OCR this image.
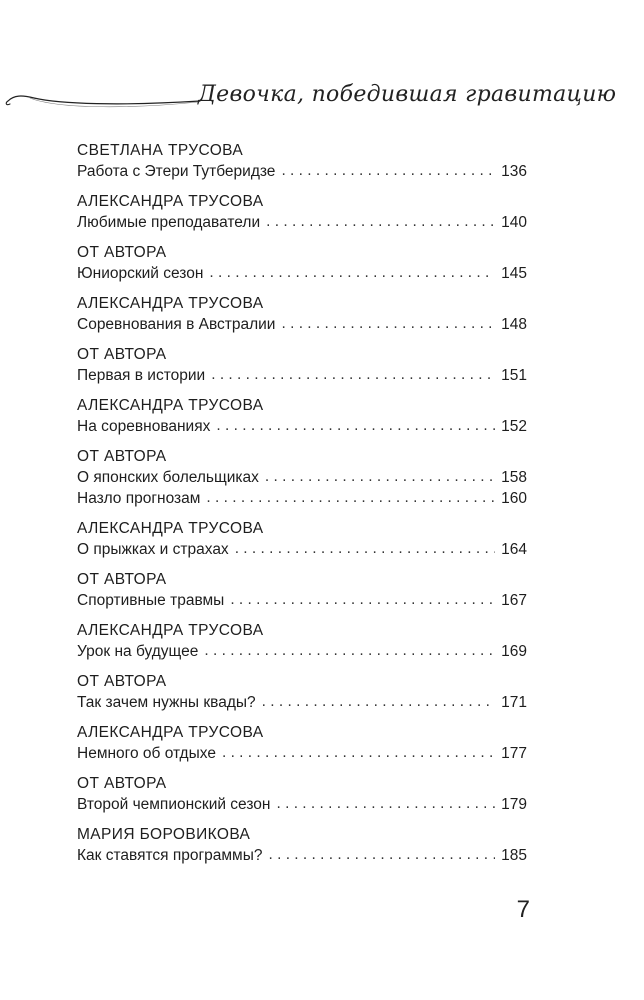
Девочка, победившая гравитацию
СВЕТЛАНА ТРУСОВА
Работа с Этери Тутберидзе . . .	136
АЛЕКСАНДРА ТРУСОВА
Любимые преподаватели . . .	140
ОТ АВТОРА
Юниорский сезон . . .	145
АЛЕКСАНДРА ТРУСОВА
Соревнования в Австралии . . .	148
ОТ АВТОРА
Первая в истории . . .	151
АЛЕКСАНДРА ТРУСОВА
На соревнованиях . . .	152
ОТ АВТОРА
О японских болельщиках . . .	158
Назло прогнозам . . .	160
АЛЕКСАНДРА ТРУСОВА
О прыжках и страхах . . .	164
ОТ АВТОРА
Спортивные травмы . . .	167
АЛЕКСАНДРА ТРУСОВА
Урок на будущее . . .	169
ОТ АВТОРА
Так зачем нужны квады? . . .	171
АЛЕКСАНДРА ТРУСОВА
Немного об отдыхе . . .	177
ОТ АВТОРА
Второй чемпионский сезон . . .	179
МАРИЯ БОРОВИКОВА
Как ставятся программы? . . .	185
7
